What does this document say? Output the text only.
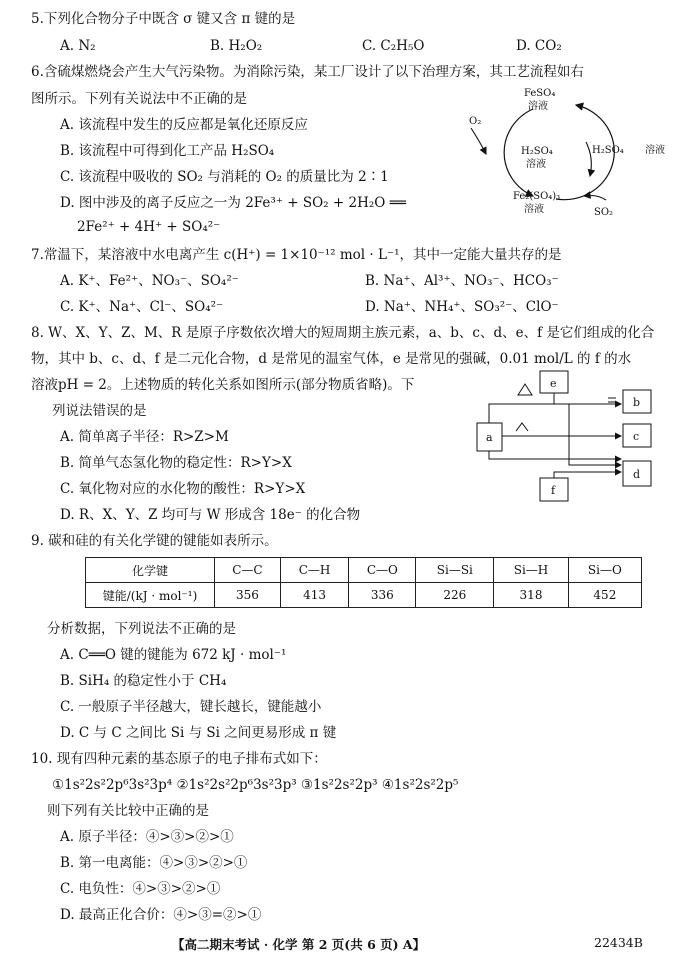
5.下列化合物分子中既含 σ 键又含 π 键的是
A. N₂	B. H₂O₂	C. C₂H₅O	D. CO₂
6.含硫煤燃烧会产生大气污染物。为消除污染，某工厂设计了以下治理方案，其工艺流程如右
图所示。下列有关说法中不正确的是
A. 该流程中发生的反应都是氧化还原反应
B. 该流程中可得到化工产品 H₂SO₄
C. 该流程中吸收的 SO₂ 与消耗的 O₂ 的质量比为 2∶1
D. 图中涉及的离子反应之一为 2Fe³⁺ + SO₂ + 2H₂O ══
2Fe²⁺ + 4H⁺ + SO₄²⁻
FeSO₄
溶液
H₂SO₄
溶液
H₂SO₄ 溶液
Fe₂(SO₄)₃
溶液
O₂
SO₂
7.常温下，某溶液中水电离产生 c(H⁺) = 1×10⁻¹² mol · L⁻¹，其中一定能大量共存的是
A. K⁺、Fe²⁺、NO₃⁻、SO₄²⁻	B. Na⁺、Al³⁺、NO₃⁻、HCO₃⁻
C. K⁺、Na⁺、Cl⁻、SO₄²⁻	D. Na⁺、NH₄⁺、SO₃²⁻、ClO⁻
8. W、X、Y、Z、M、R 是原子序数依次增大的短周期主族元素，a、b、c、d、e、f 是它们组成的化合
物，其中 b、c、d、f 是二元化合物，d 是常见的温室气体，e 是常见的强碱，0.01 mol/L 的 f 的水
溶液pH = 2。上述物质的转化关系如图所示(部分物质省略)。下
列说法错误的是
A. 简单离子半径：R>Z>M
B. 简单气态氢化物的稳定性：R>Y>X
C. 氧化物对应的水化物的酸性：R>Y>X
D. R、X、Y、Z 均可与 W 形成含 18e⁻ 的化合物
e
a
b
c
d
f
9. 碳和硅的有关化学键的键能如表所示。
化学键	C—C	C—H	C—O	Si—Si	Si—H	Si—O
键能/(kJ · mol⁻¹)	356	413	336	226	318	452
分析数据，下列说法不正确的是
A. C══O 键的键能为 672 kJ · mol⁻¹
B. SiH₄ 的稳定性小于 CH₄
C. 一般原子半径越大，键长越长，键能越小
D. C 与 C 之间比 Si 与 Si 之间更易形成 π 键
10. 现有四种元素的基态原子的电子排布式如下：
①1s²2s²2p⁶3s²3p⁴ ②1s²2s²2p⁶3s²3p³ ③1s²2s²2p³ ④1s²2s²2p⁵
则下列有关比较中正确的是
A. 原子半径：④>③>②>①
B. 第一电离能：④>③>②>①
C. 电负性：④>③>②>①
D. 最高正化合价：④>③=②>①
【高二期末考试 · 化学 第 2 页(共 6 页) A】	22434B
